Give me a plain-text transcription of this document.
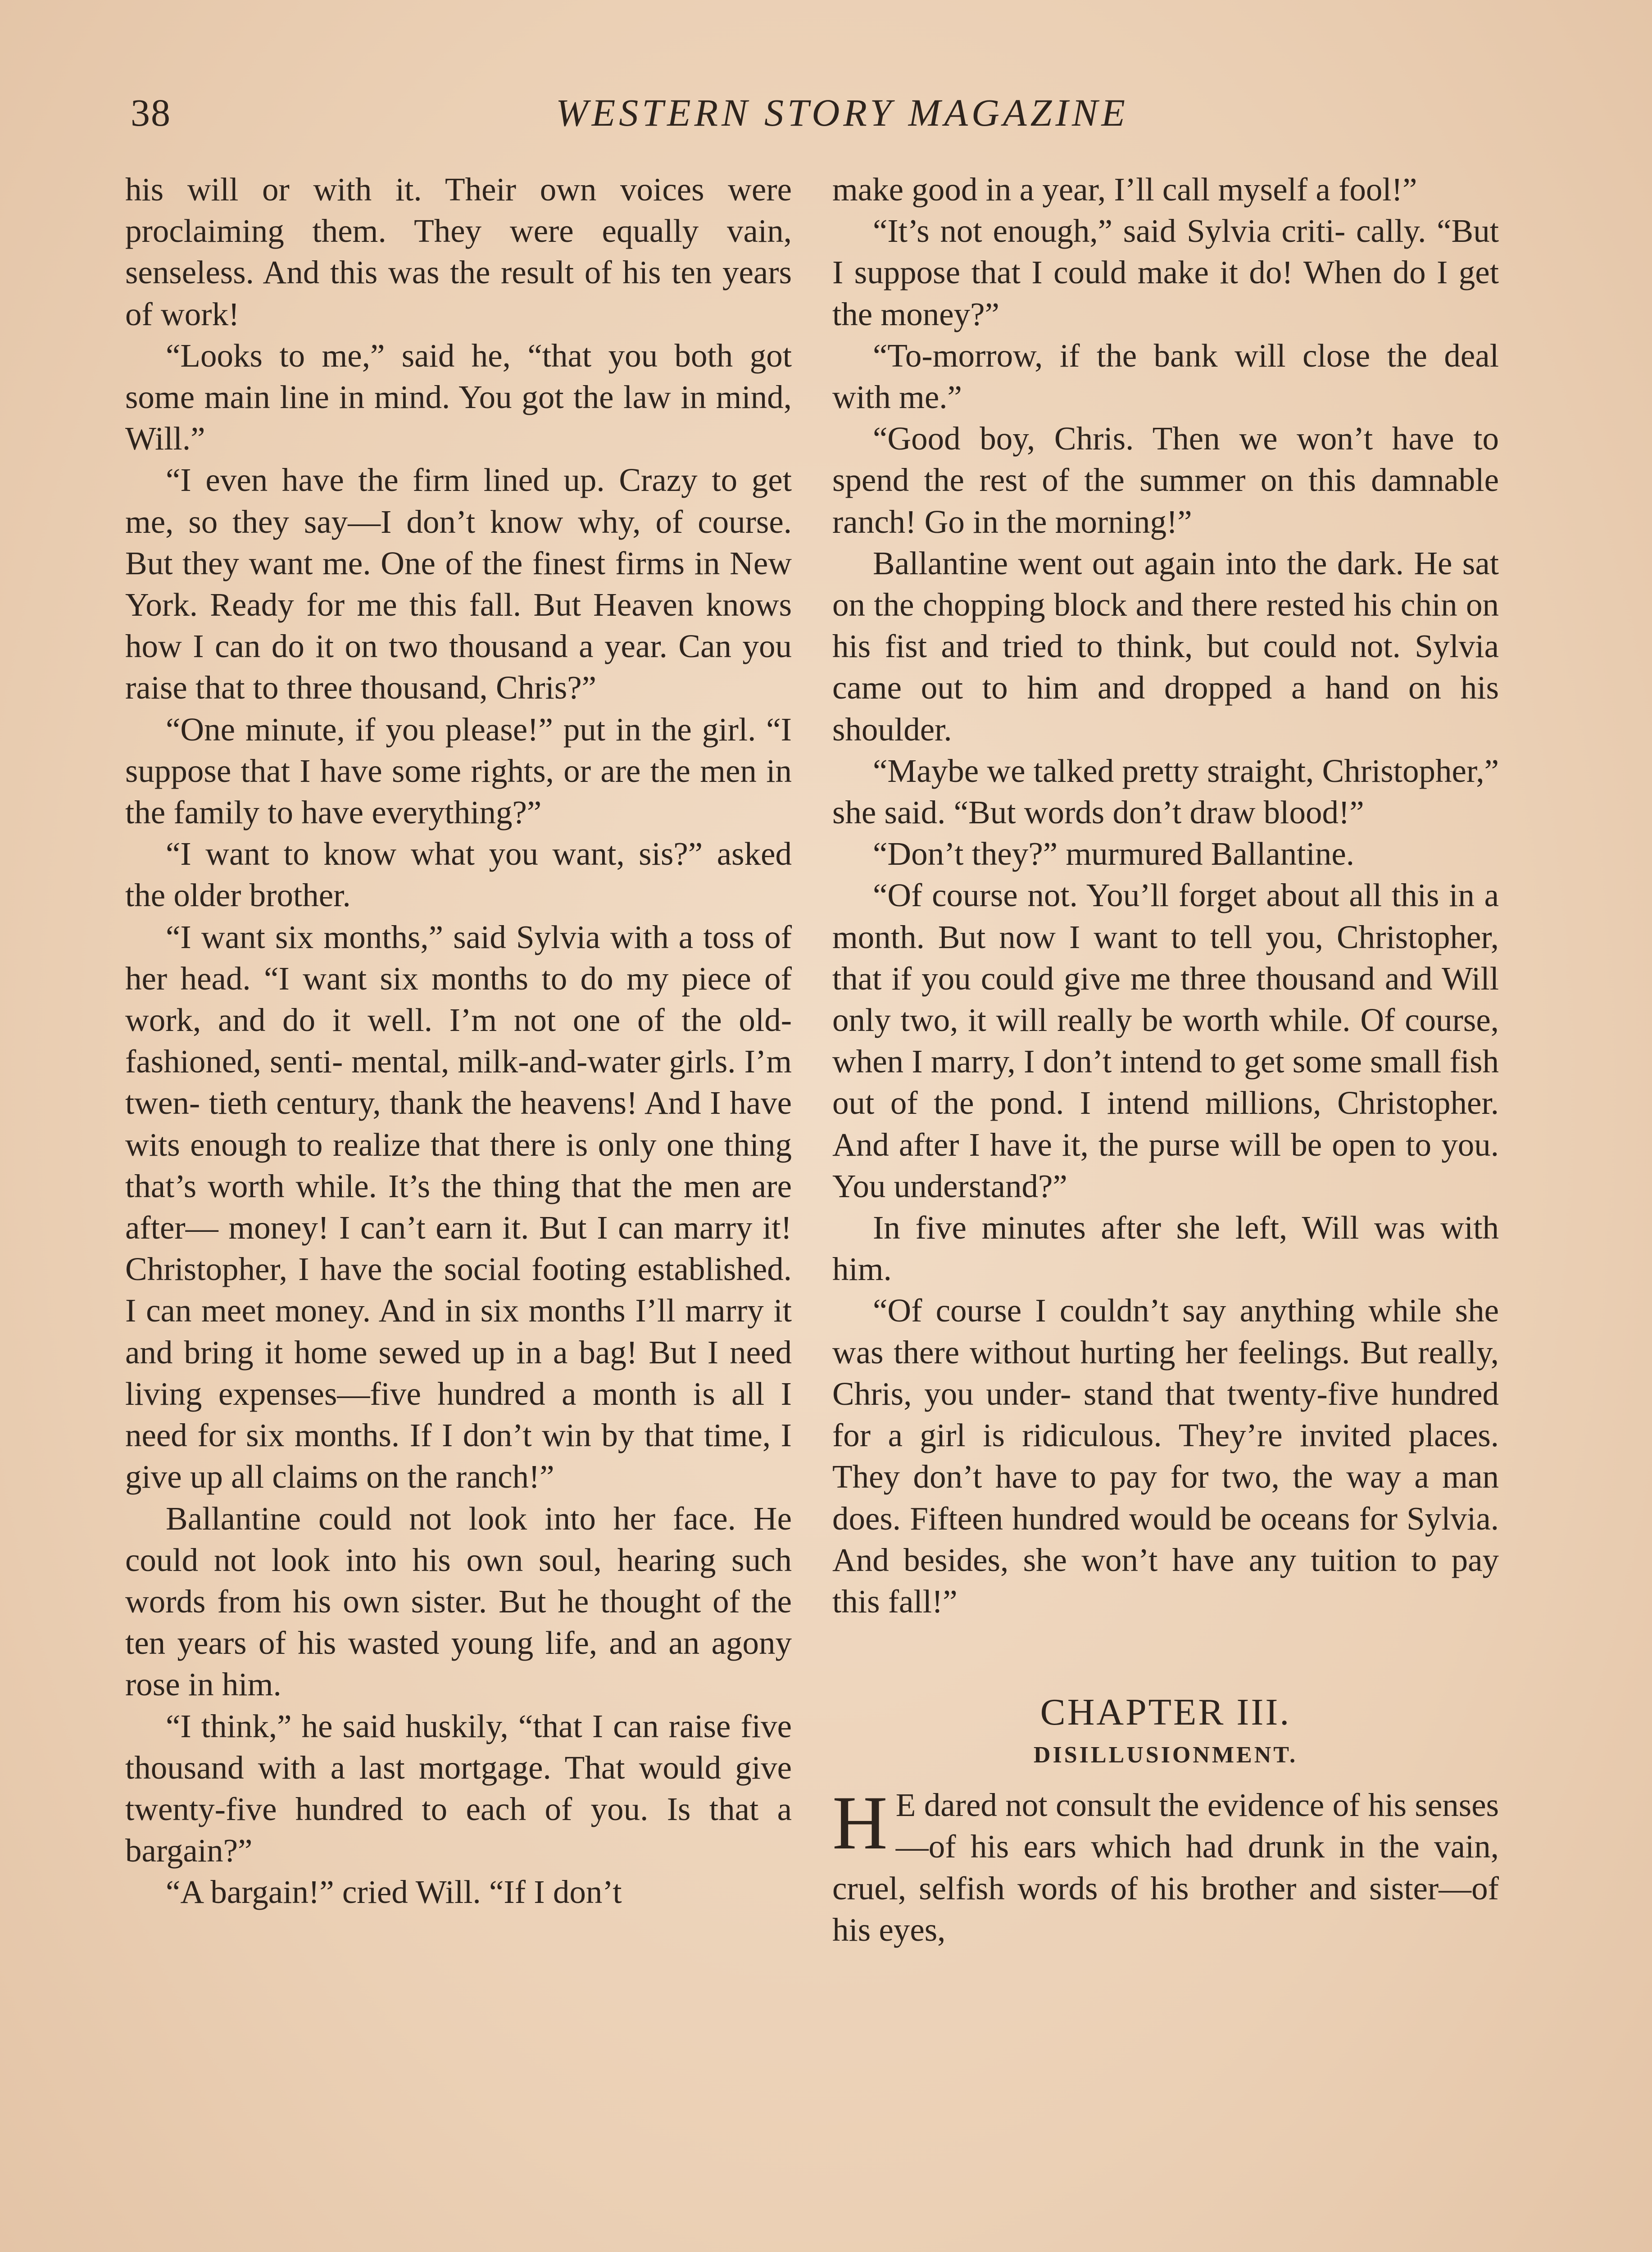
38	WESTERN STORY MAGAZINE

his will or with it. Their own voices were proclaiming them. They were equally vain, senseless. And this was the result of his ten years of work!

“Looks to me,” said he, “that you both got some main line in mind. You got the law in mind, Will.”

“I even have the firm lined up. Crazy to get me, so they say—I don’t know why, of course. But they want me. One of the finest firms in New York. Ready for me this fall. But Heaven knows how I can do it on two thousand a year. Can you raise that to three thousand, Chris?”

“One minute, if you please!” put in the girl. “I suppose that I have some rights, or are the men in the family to have everything?”

“I want to know what you want, sis?” asked the older brother.

“I want six months,” said Sylvia with a toss of her head. “I want six months to do my piece of work, and do it well. I’m not one of the old-fashioned, senti- mental, milk-and-water girls. I’m twen- tieth century, thank the heavens! And I have wits enough to realize that there is only one thing that’s worth while. It’s the thing that the men are after— money! I can’t earn it. But I can marry it! Christopher, I have the social footing established. I can meet money. And in six months I’ll marry it and bring it home sewed up in a bag! But I need living expenses—five hundred a month is all I need for six months. If I don’t win by that time, I give up all claims on the ranch!”

Ballantine could not look into her face. He could not look into his own soul, hearing such words from his own sister. But he thought of the ten years of his wasted young life, and an agony rose in him.

“I think,” he said huskily, “that I can raise five thousand with a last mortgage. That would give twenty-five hundred to each of you. Is that a bargain?”

“A bargain!” cried Will. “If I don’t

make good in a year, I’ll call myself a fool!”

“It’s not enough,” said Sylvia criti- cally. “But I suppose that I could make it do! When do I get the money?”

“To-morrow, if the bank will close the deal with me.”

“Good boy, Chris. Then we won’t have to spend the rest of the summer on this damnable ranch! Go in the morning!”

Ballantine went out again into the dark. He sat on the chopping block and there rested his chin on his fist and tried to think, but could not. Sylvia came out to him and dropped a hand on his shoulder.

“Maybe we talked pretty straight, Christopher,” she said. “But words don’t draw blood!”

“Don’t they?” murmured Ballantine.

“Of course not. You’ll forget about all this in a month. But now I want to tell you, Christopher, that if you could give me three thousand and Will only two, it will really be worth while. Of course, when I marry, I don’t intend to get some small fish out of the pond. I intend millions, Christopher. And after I have it, the purse will be open to you. You understand?”

In five minutes after she left, Will was with him.

“Of course I couldn’t say anything while she was there without hurting her feelings. But really, Chris, you under- stand that twenty-five hundred for a girl is ridiculous. They’re invited places. They don’t have to pay for two, the way a man does. Fifteen hundred would be oceans for Sylvia. And besides, she won’t have any tuition to pay this fall!”

CHAPTER III.
DISILLUSIONMENT.

H E dared not consult the evidence of his senses—of his ears which had drunk in the vain, cruel, selfish words of his brother and sister—of his eyes,
